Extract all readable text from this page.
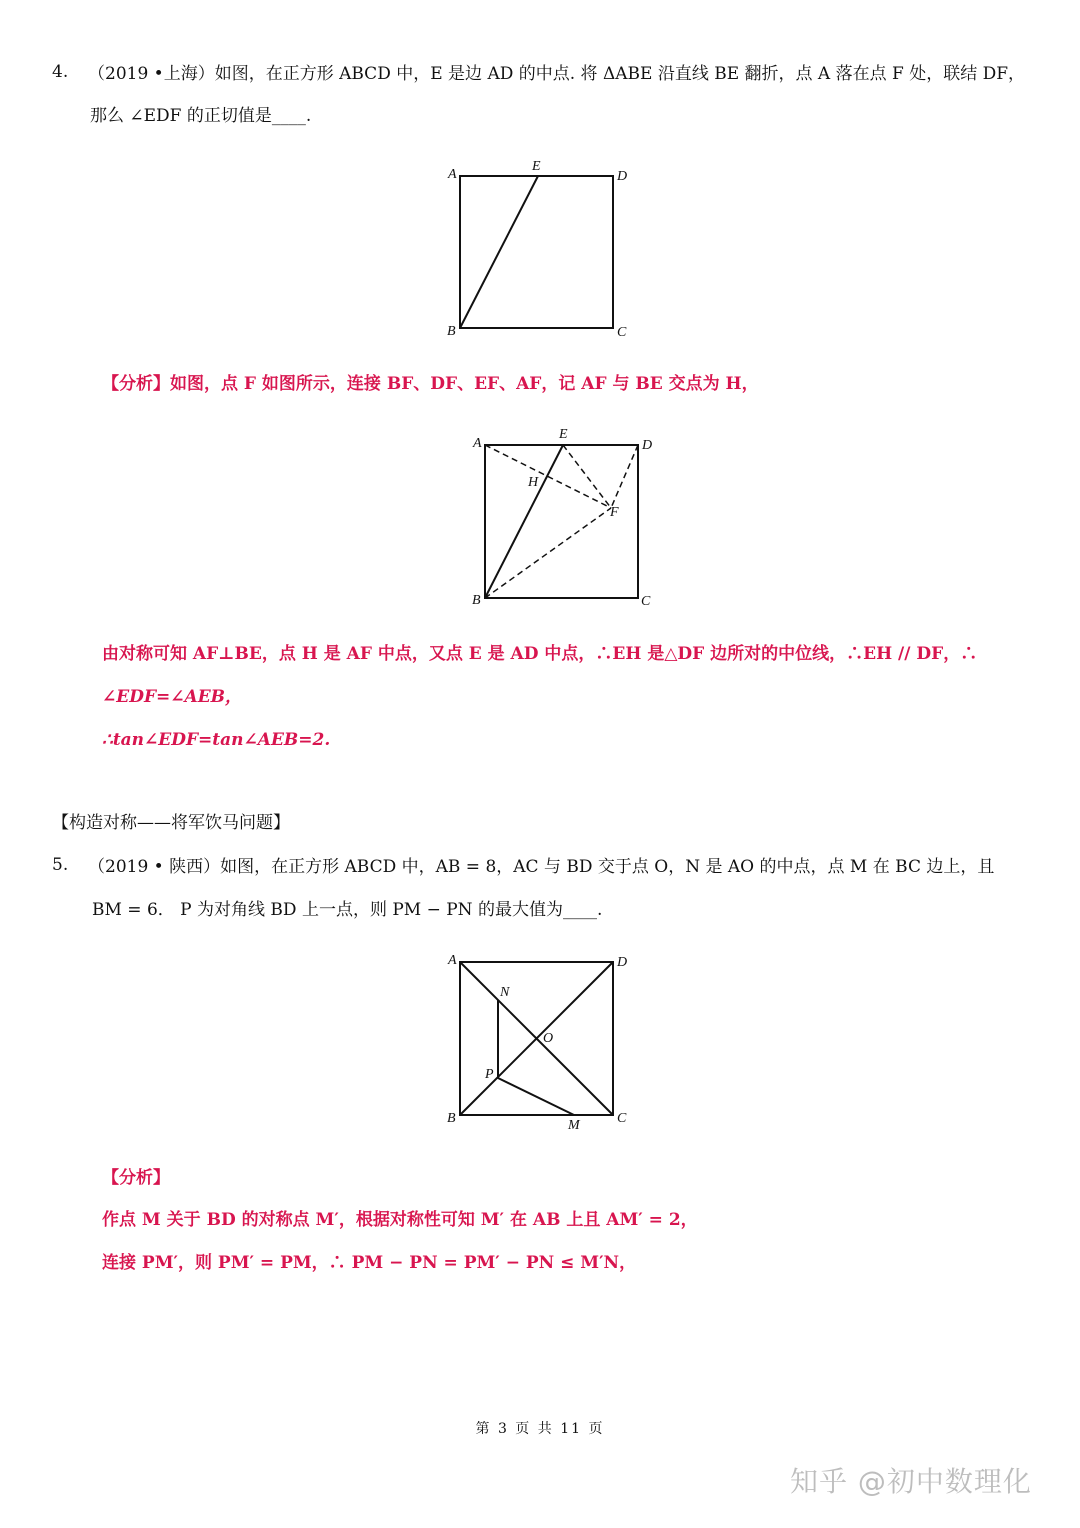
4. （2019 •上海）如图，在正方形 ABCD 中，E 是边 AD 的中点. 将 ΔABE 沿直线 BE 翻折，点 A 落在点 F 处，联结 DF，
那么 ∠EDF 的正切值是____.
A
E
D
B	C
【分析】如图，点 F 如图所示，连接 BF、DF、EF、AF，记 AF 与 BE 交点为 H，
A
E
D
H
F
B	C
由对称可知 AF⊥BE，点 H 是 AF 中点，又点 E 是 AD 中点，∴EH 是△DF 边所对的中位线，∴EH // DF，∴
∠EDF=∠AEB，
∴tan∠EDF=tan∠AEB=2.
【构造对称——将军饮马问题】
5. （2019 • 陕西）如图，在正方形 ABCD 中，AB = 8，AC 与 BD 交于点 O，N 是 AO 的中点，点 M 在 BC 边上，且
BM = 6． P 为对角线 BD 上一点，则 PM − PN 的最大值为____.
A	D
N
O
P
B	C
M
【分析】
作点 M 关于 BD 的对称点 M′，根据对称性可知 M′ 在 AB 上且 AM′ = 2，
连接 PM′，则 PM′ = PM，∴ PM − PN = PM′ − PN ≤ M′N，
第 3 页 共 11 页
知乎 @初中数理化
